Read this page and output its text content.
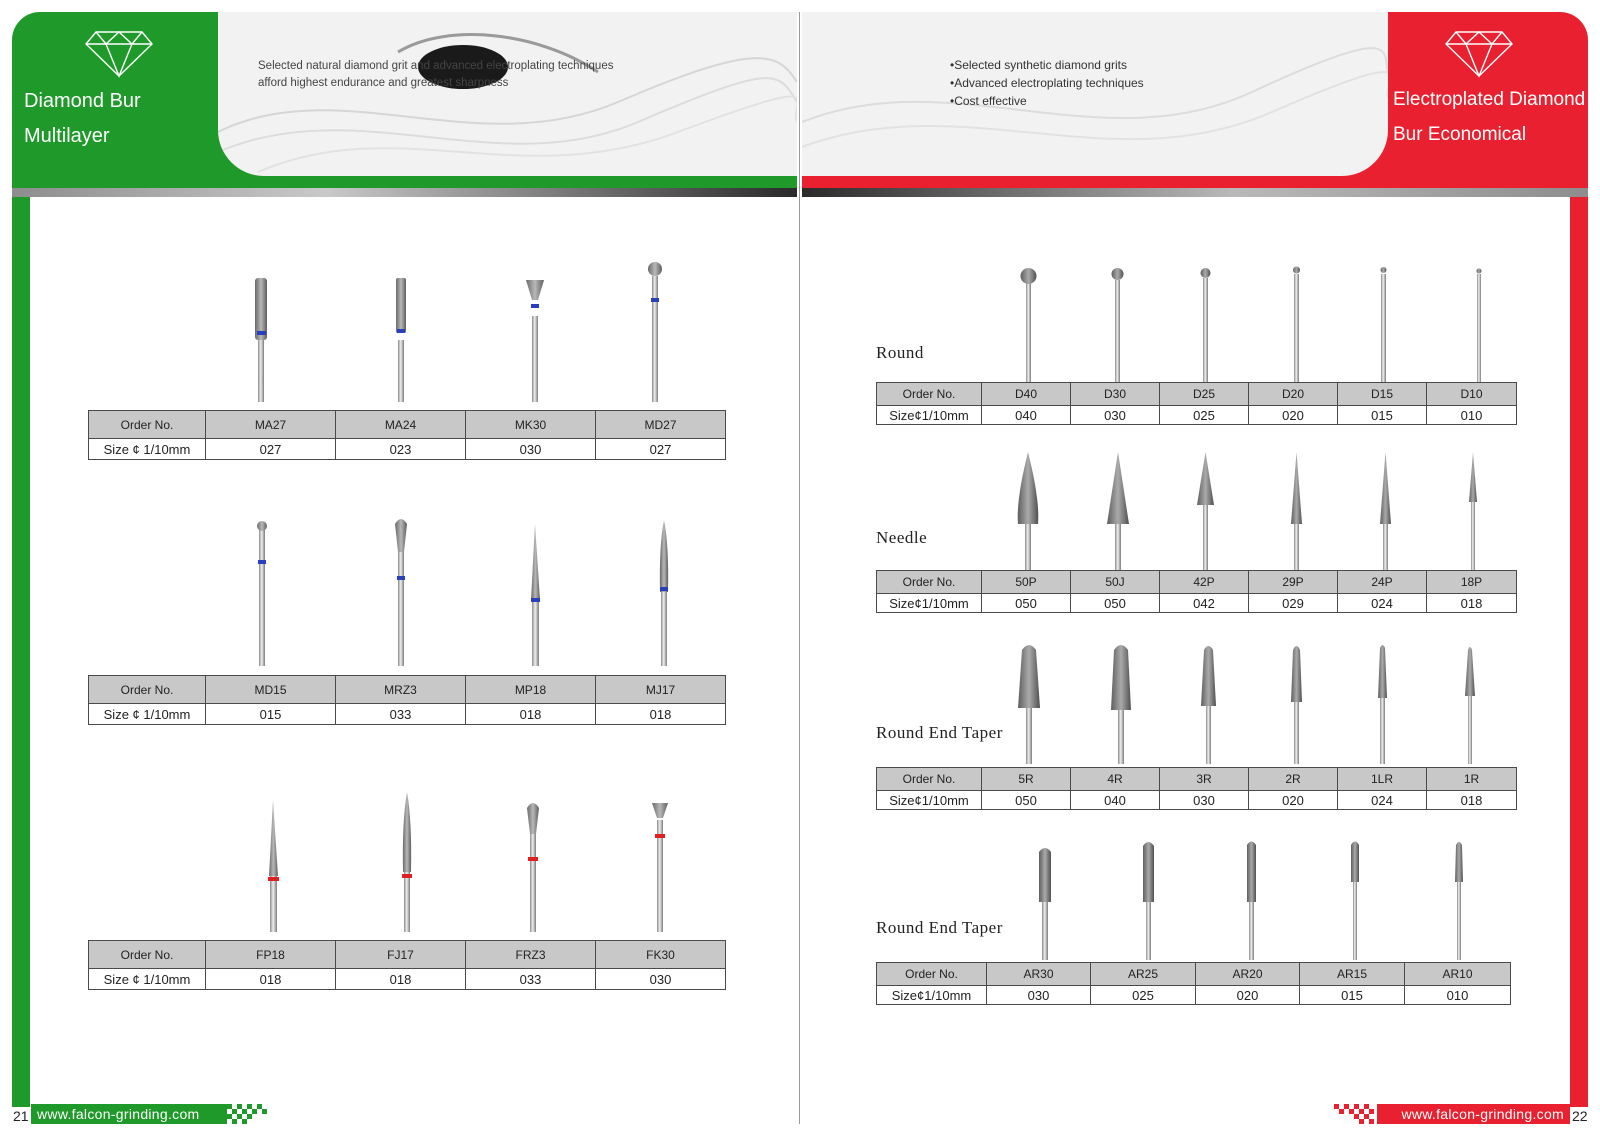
Diamond Bur
Multilayer
Selected natural diamond grit and advanced electroplating techniques
afford highest endurance and greatest sharpness
Electroplated Diamond
Bur Economical
• Selected synthetic diamond grits
• Advanced electroplating techniques
• Cost effective
Order No.	MA27	MA24	MK30	MD27
Size ¢ 1/10mm	027	023	030	027
Order No.	MD15	MRZ3	MP18	MJ17
Size ¢ 1/10mm	015	033	018	018
Order No.	FP18	FJ17	FRZ3	FK30
Size ¢ 1/10mm	018	018	033	030
Round
Order No.	D40	D30	D25	D20	D15	D10
Size¢1/10mm	040	030	025	020	015	010
Needle
Order No.	50P	50J	42P	29P	24P	18P
Size¢1/10mm	050	050	042	029	024	018
Round End Taper
Order No.	5R	4R	3R	2R	1LR	1R
Size¢1/10mm	050	040	030	020	024	018
Round End Taper
Order No.	AR30	AR25	AR20	AR15	AR10
Size¢1/10mm	030	025	020	015	010
21 www.falcon-grinding.com	www.falcon-grinding.com 22
